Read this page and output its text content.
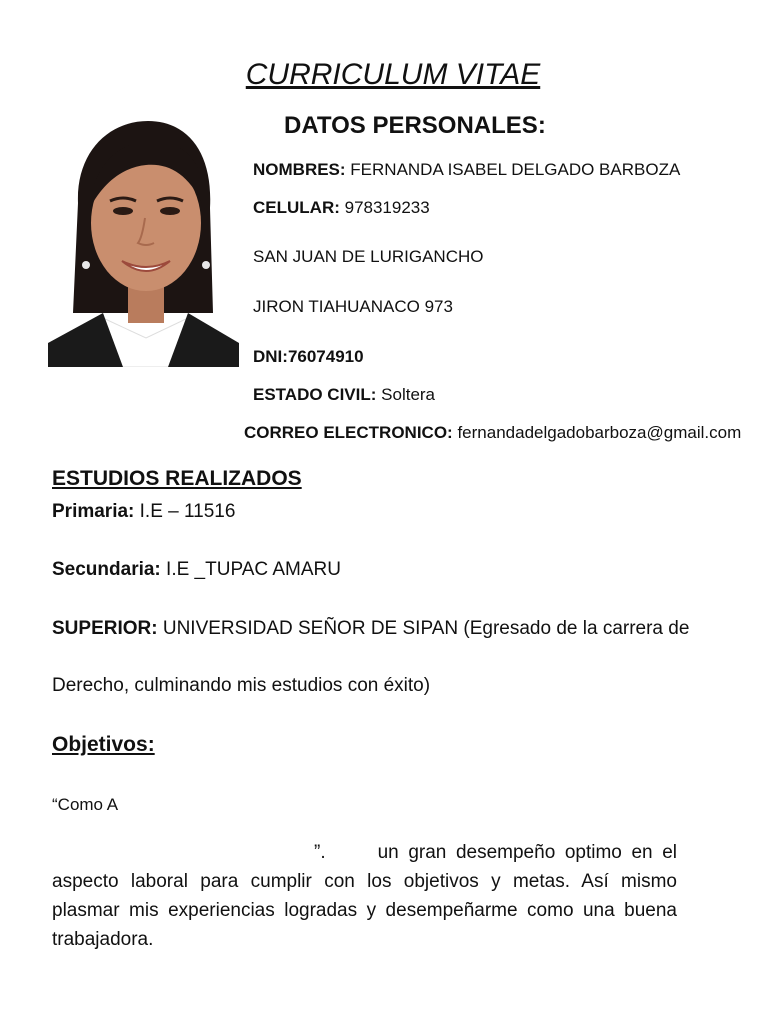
CURRICULUM VITAE
DATOS PERSONALES:
NOMBRES: FERNANDA ISABEL DELGADO BARBOZA
CELULAR: 978319233
SAN JUAN DE LURIGANCHO
JIRON TIAHUANACO 973
DNI:76074910
ESTADO CIVIL: Soltera
CORREO ELECTRONICO: fernandadelgadobarboza@gmail.com
ESTUDIOS REALIZADOS
Primaria: I.E – 11516
Secundaria: I.E _TUPAC AMARU
SUPERIOR: UNIVERSIDAD SEÑOR DE SIPAN (Egresado de la carrera de
Derecho, culminando mis estudios con éxito)
Objetivos:
“Como A
”.	un gran desempeño optimo en el aspecto laboral para cumplir con los objetivos y metas. Así mismo plasmar mis experiencias logradas y desempeñarme como una buena trabajadora.
